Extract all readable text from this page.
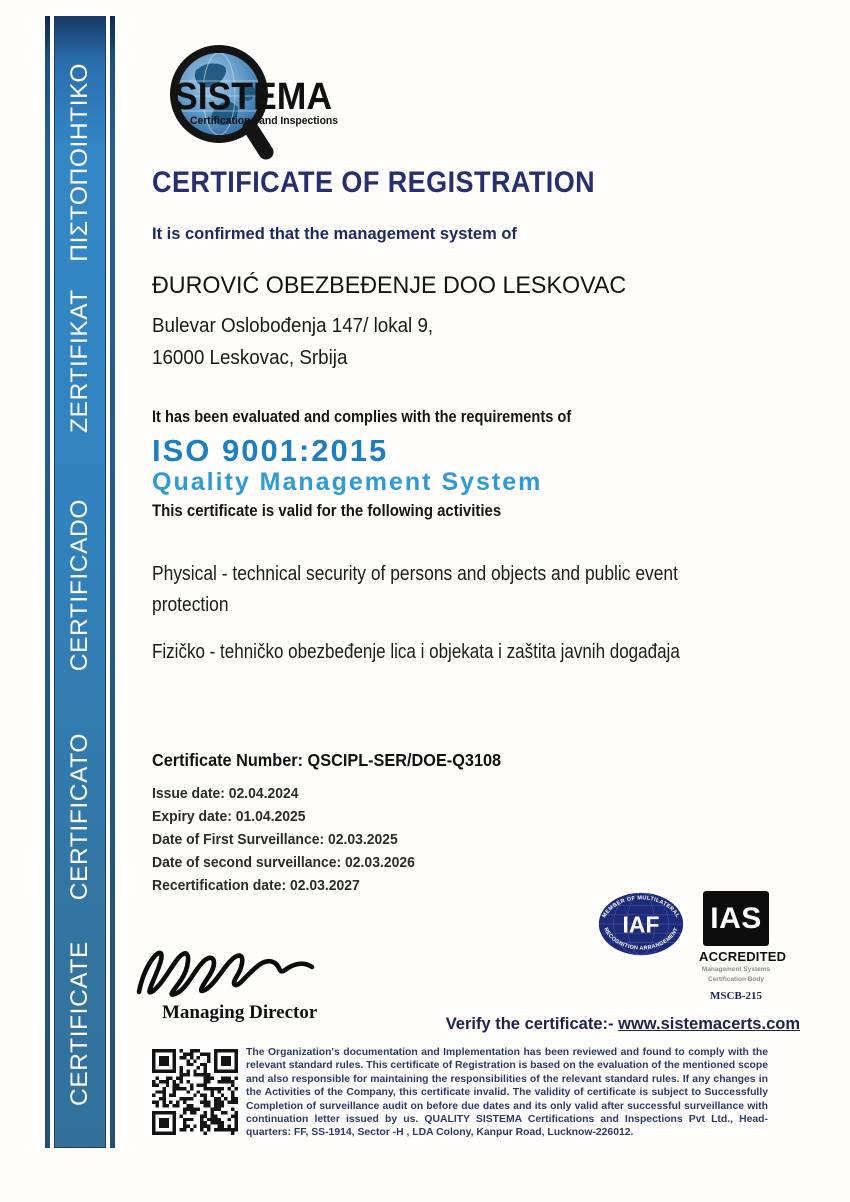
ΠΙΣΤΟΠΟΙΗΤΙΚΟ
ZERTIFIKAT
CERTIFICADO
CERTIFICATO
CERTIFICATE
SISTEMA
Certifications and Inspections
CERTIFICATE OF REGISTRATION
It is confirmed that the management system of
ĐUROVIĆ OBEZBEĐENJE DOO LESKOVAC
Bulevar Oslobođenja 147/ lokal 9,
16000 Leskovac, Srbija
It has been evaluated and complies with the requirements of
ISO 9001:2015
Quality Management System
This certificate is valid for the following activities
Physical - technical security of persons and objects and public event protection
Fizičko - tehničko obezbeđenje lica i objekata i zaštita javnih događaja
Certificate Number: QSCIPL-SER/DOE-Q3108
Issue date: 02.04.2024
Expiry date: 01.04.2025
Date of First Surveillance: 02.03.2025
Date of second surveillance: 02.03.2026
Recertification date: 02.03.2027
MEMBER OF MULTILATERAL
RECOGNITION ARRANGEMENT
IAF IAS
ACCREDITED
Management Systems
Certification Body
MSCB-215
Managing Director
Verify the certificate:- www.sistemacerts.com
The Organization's documentation and Implementation has been reviewed and found to comply with the relevant standard rules. This certificate of Registration is based on the evaluation of the mentioned scope and also responsible for maintaining the responsibilities of the relevant standard rules. If any changes in the Activities of the Company, this certificate invalid. The validity of certificate is subject to Successfully Completion of surveillance audit on before due dates and its only valid after successful surveillance with continuation letter issued by us. QUALITY SISTEMA Certifications and Inspections Pvt Ltd., Head-quarters: FF, SS-1914, Sector -H , LDA Colony, Kanpur Road, Lucknow-226012.
